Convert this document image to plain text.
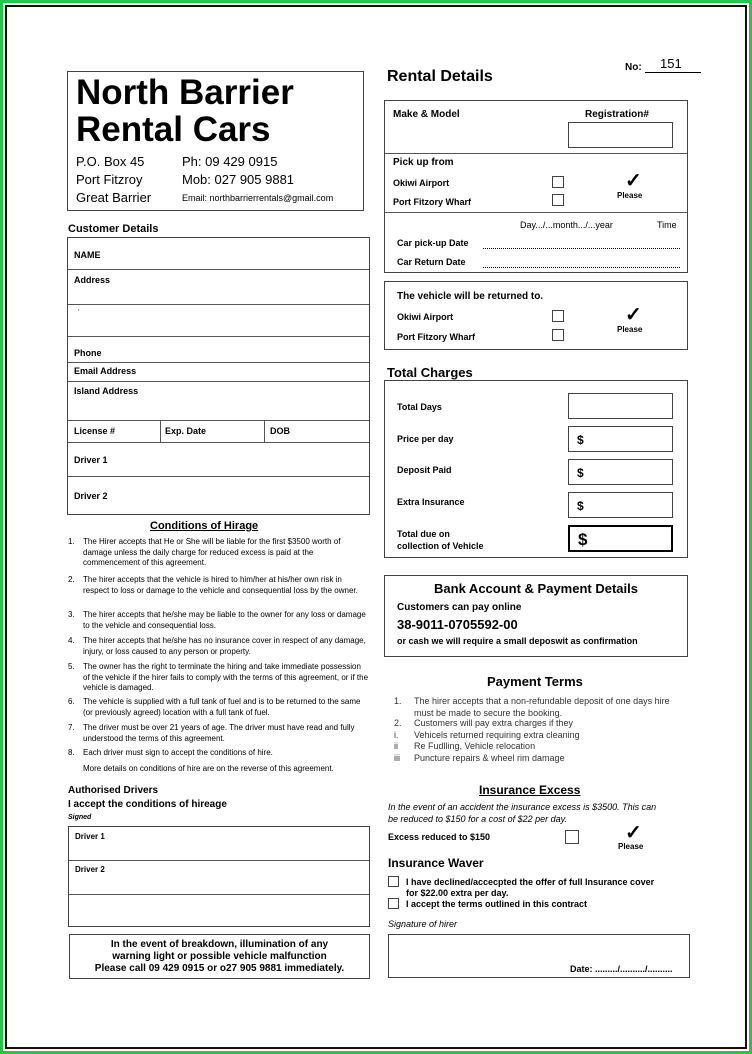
No: 151
North Barrier
Rental Cars
P.O. Box 45
Port Fitzroy
Great Barrier
Ph: 09 429 0915
Mob: 027 905 9881
Email: northbarrierrentals@gmail.com
Customer Details
NAME
Address
'
Phone
Email Address
Island Address
License #	Exp. Date	DOB
Driver 1
Driver 2
Conditions of Hirage
1.	The Hirer accepts that He or She will be liable for the first $3500 worth of damage unless the daily charge for reduced excess is paid at the commencement of this agreement.
2.	The hirer accepts that the vehicle is hired to him/her at his/her own risk in respect to loss or damage to the vehicle and consequential loss by the owner.
3.	The hirer accepts that he/she may be liable to the owner for any loss or damage to the vehicle and consequential loss.
4.	The hirer accepts that he/she has no insurance cover in respect of any damage, injury, or loss caused to any person or property.
5.	The owner has the right to terminate the hiring and take immediate possession of the vehicle if the hirer fails to comply with the terms of this agreement, or if the vehicle is damaged.
6.	The vehicle is supplied with a full tank of fuel and is to be returned to the same (or previously agreed) location with a full tank of fuel.
7.	The driver must be over 21 years of age. The driver must have read and fully understood the terms of this agreement.
8.	Each driver must sign to accept the conditions of hire.
More details on conditions of hire are on the reverse of this agreement.
Authorised Drivers
I accept the conditions of hireage
Signed
Driver 1
Driver 2
In the event of breakdown, illumination of any
warning light or possible vehicle malfunction
Please call 09 429 0915 or o27 905 9881 immediately.
Rental Details
Make & Model	Registration#
Pick up from
Okiwi Airport
Port Fitzory Wharf
✓
Please
Day.../...month.../...year	Time
Car pick-up Date
Car Return Date
The vehicle will be returned to.
Okiwi Airport
Port Fitzory Wharf
✓
Please
Total Charges
Total Days
Price per day	$
Deposit Paid	$
Extra Insurance	$
Total due on
collection of Vehicle	$
Bank Account & Payment Details
Customers can pay online
38-9011-0705592-00
or cash we will require a small deposwit as confirmation
Payment Terms
1. The hirer accepts that a non-refundable deposit of one days hire
must be made to secure the booking.
2. Customers will pay extra charges if they
i. Vehicels returned requiring extra cleaning
ii Re Fudlling, Vehicle relocation
iii Puncture repairs & wheel rim damage
Insurance Excess
In the event of an accident the insurance excess is $3500. This can
be reduced to $150 for a cost of $22 per day.
Excess reduced to $150	✓
Please
Insurance Waver
I have declined/accecpted the offer of full Insurance cover
for $22.00 extra per day.
I accept the terms outlined in this contract
Signature of hirer
Date: ........./........../..........
